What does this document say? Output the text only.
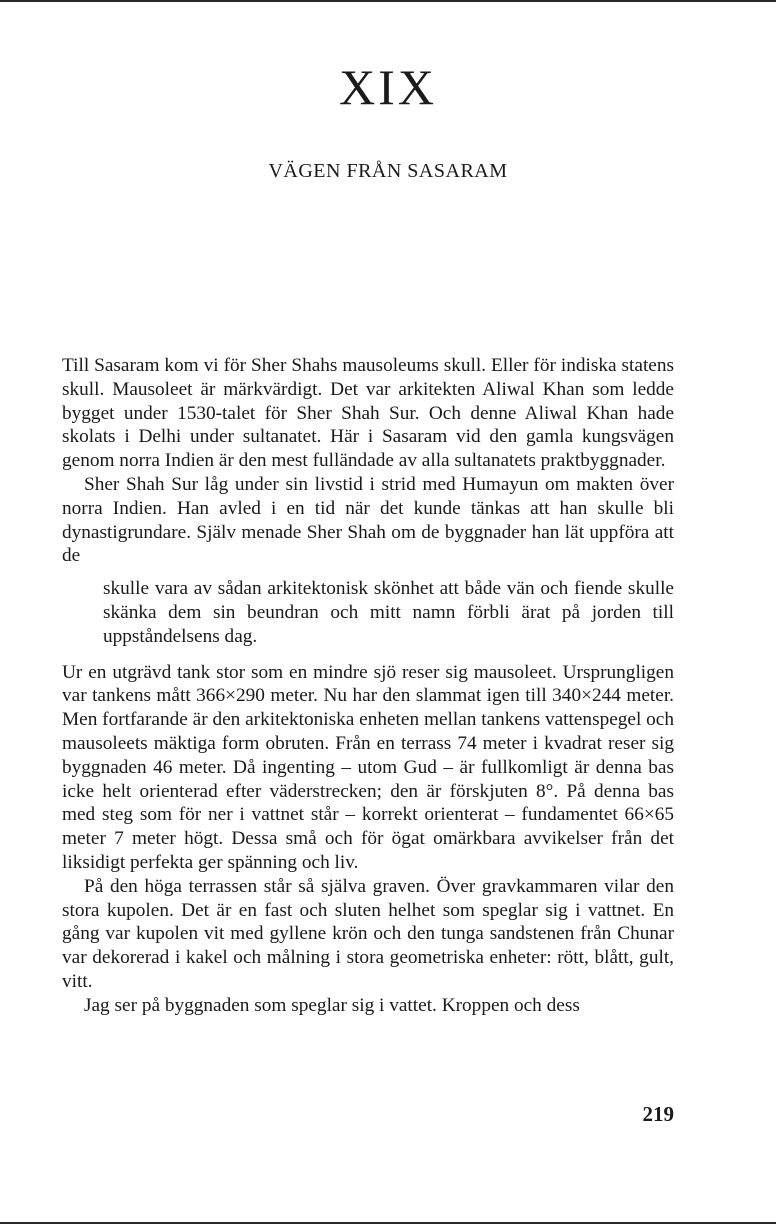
XIX
VÄGEN FRÅN SASARAM

Till Sasaram kom vi för Sher Shahs mausoleums skull. Eller för indiska statens skull. Mausoleet är märkvärdigt. Det var arkitekten Aliwal Khan som ledde bygget under 1530-talet för Sher Shah Sur. Och denne Aliwal Khan hade skolats i Delhi under sultanatet. Här i Sasaram vid den gamla kungsvägen genom norra Indien är den mest fulländade av alla sultanatets praktbyggnader.

Sher Shah Sur låg under sin livstid i strid med Humayun om makten över norra Indien. Han avled i en tid när det kunde tänkas att han skulle bli dynastigrundare. Själv menade Sher Shah om de byggnader han lät uppföra att de

skulle vara av sådan arkitektonisk skönhet att både vän och fiende skulle skänka dem sin beundran och mitt namn förbli ärat på jorden till uppståndelsens dag.

Ur en utgrävd tank stor som en mindre sjö reser sig mausoleet. Ursprungligen var tankens mått 366×290 meter. Nu har den slammat igen till 340×244 meter. Men fortfarande är den arkitektoniska enheten mellan tankens vattenspegel och mausoleets mäktiga form obruten. Från en terrass 74 meter i kvadrat reser sig byggnaden 46 meter. Då ingenting – utom Gud – är fullkomligt är denna bas icke helt orienterad efter väderstrecken; den är förskjuten 8°. På denna bas med steg som för ner i vattnet står – korrekt orienterat – fundamentet 66×65 meter 7 meter högt. Dessa små och för ögat omärkbara avvikelser från det liksidigt perfekta ger spänning och liv.

På den höga terrassen står så själva graven. Över gravkammaren vilar den stora kupolen. Det är en fast och sluten helhet som speglar sig i vattnet. En gång var kupolen vit med gyllene krön och den tunga sandstenen från Chunar var dekorerad i kakel och målning i stora geometriska enheter: rött, blått, gult, vitt.

Jag ser på byggnaden som speglar sig i vattet. Kroppen och dess

219
